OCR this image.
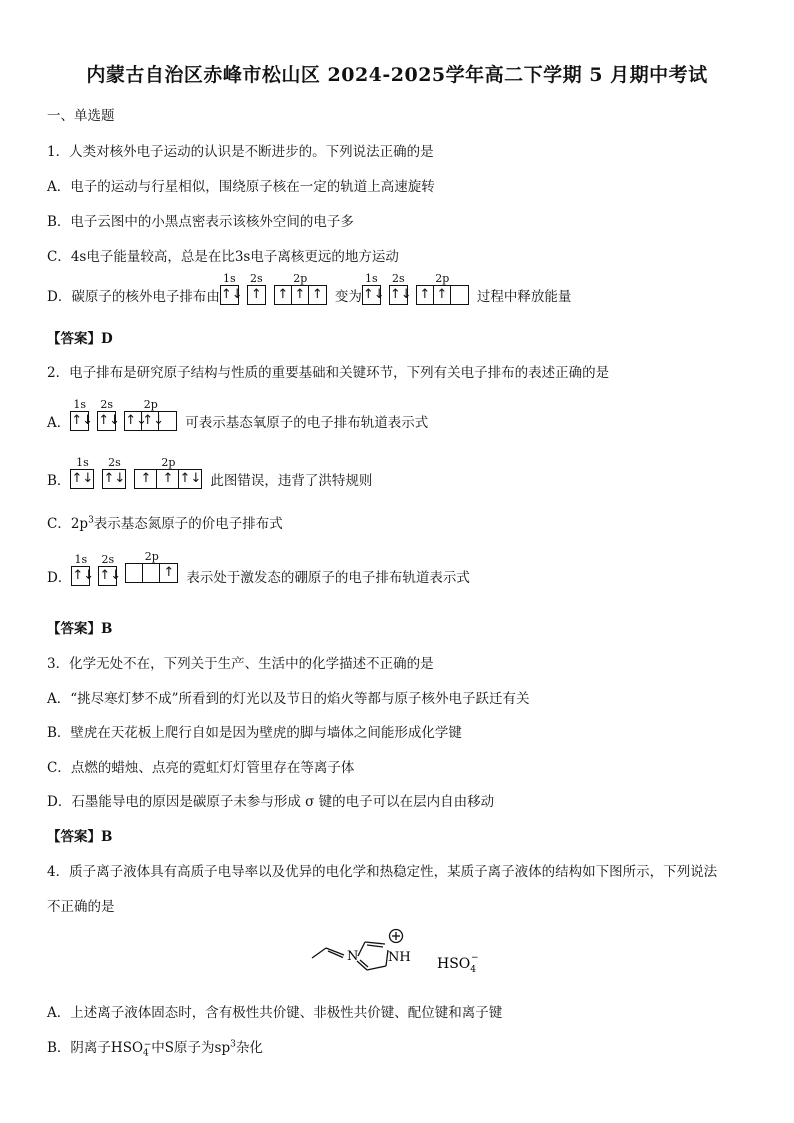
内蒙古自治区赤峰市松山区 2024-2025学年高二下学期 5 月期中考试
一、单选题
1．人类对核外电子运动的认识是不断进步的。下列说法正确的是
A．电子的运动与行星相似，围绕原子核在一定的轨道上高速旋转
B．电子云图中的小黑点密表示该核外空间的电子多
C．4s电子能量较高，总是在比3s电子离核更远的地方运动
D．碳原子的核外电子排布由
1s
↑↓
2s
↑
2p
↑ ↑ ↑ 变为
1s
↑↓
2s
↑↓
2p
↑ ↑ 过程中释放能量
【答案】D
2．电子排布是研究原子结构与性质的重要基础和关键环节，下列有关电子排布的表述正确的是
A．
1s
↑↓
2s
↑↓
2p
↑↓
↑↓ 可表示基态氧原子的电子排布轨道表示式
B．
1s
↑↓
2s
↑↓
2p
↑ ↑ ↑↓ 此图错误，违背了洪特规则
C．$2p^3$表示基态氮原子的价电子排布式
D．
1s
↑↓
2s
↑↓
2p
↑ 表示处于激发态的硼原子的电子排布轨道表示式
【答案】B
3．化学无处不在，下列关于生产、生活中的化学描述不正确的是
A．“挑尽寒灯梦不成”所看到的灯光以及节日的焰火等都与原子核外电子跃迁有关
B．壁虎在天花板上爬行自如是因为壁虎的脚与墙体之间能形成化学键
C．点燃的蜡烛、点亮的霓虹灯灯管里存在等离子体
D．石墨能导电的原因是碳原子未参与形成 σ 键的电子可以在层内自由移动
【答案】B
4．质子离子液体具有高质子电导率以及优异的电化学和热稳定性，某质子离子液体的结构如下图所示，下列说法
不正确的是
N NH $HSO_4-$
A．上述离子液体固态时，含有极性共价键、非极性共价键、配位键和离子键
B．阴离子$HSO_4^-$中S原子为$sp^3$杂化
